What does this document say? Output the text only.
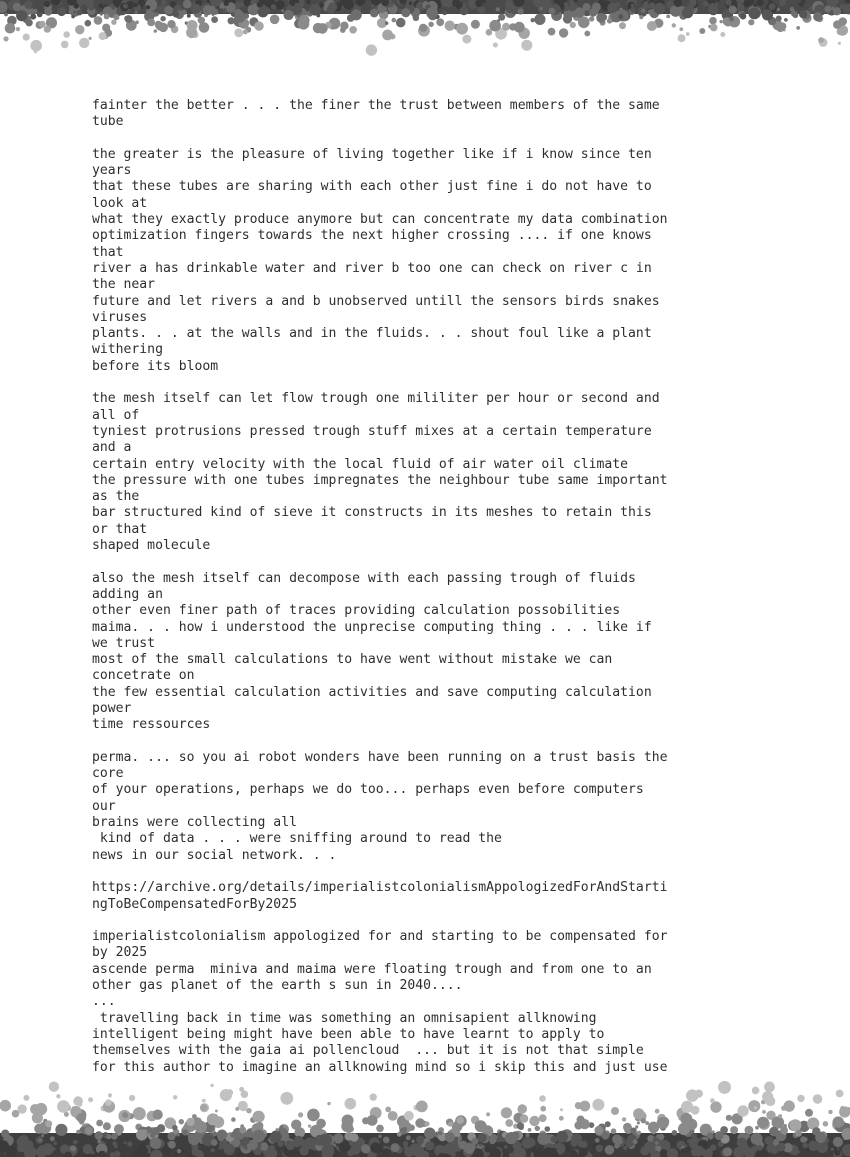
fainter the better . . . the finer the trust between members of the same
tube

the greater is the pleasure of living together like if i know since ten
years
that these tubes are sharing with each other just fine i do not have to
look at
what they exactly produce anymore but can concentrate my data combination
optimization fingers towards the next higher crossing .... if one knows
that
river a has drinkable water and river b too one can check on river c in
the near
future and let rivers a and b unobserved untill the sensors birds snakes
viruses
plants. . . at the walls and in the fluids. . . shout foul like a plant
withering
before its bloom

the mesh itself can let flow trough one mililiter per hour or second and
all of
tyniest protrusions pressed trough stuff mixes at a certain temperature
and a
certain entry velocity with the local fluid of air water oil climate
the pressure with one tubes impregnates the neighbour tube same important
as the
bar structured kind of sieve it constructs in its meshes to retain this
or that
shaped molecule

also the mesh itself can decompose with each passing trough of fluids
adding an
other even finer path of traces providing calculation possobilities
maima. . . how i understood the unprecise computing thing . . . like if
we trust
most of the small calculations to have went without mistake we can
concetrate on
the few essential calculation activities and save computing calculation
power
time ressources

perma. ... so you ai robot wonders have been running on a trust basis the
core
of your operations, perhaps we do too... perhaps even before computers
our
brains were collecting all
kind of data . . . were sniffing around to read the
news in our social network. . .

https://archive.org/details/imperialistcolonialismAppologizedForAndStarti
ngToBeCompensatedForBy2025

imperialistcolonialism appologized for and starting to be compensated for
by 2025
ascende perma  miniva and maima were floating trough and from one to an
other gas planet of the earth s sun in 2040....
...
travelling back in time was something an omnisapient allknowing
intelligent being might have been able to have learnt to apply to
themselves with the gaia ai pollencloud  ... but it is not that simple
for this author to imagine an allknowing mind so i skip this and just use
